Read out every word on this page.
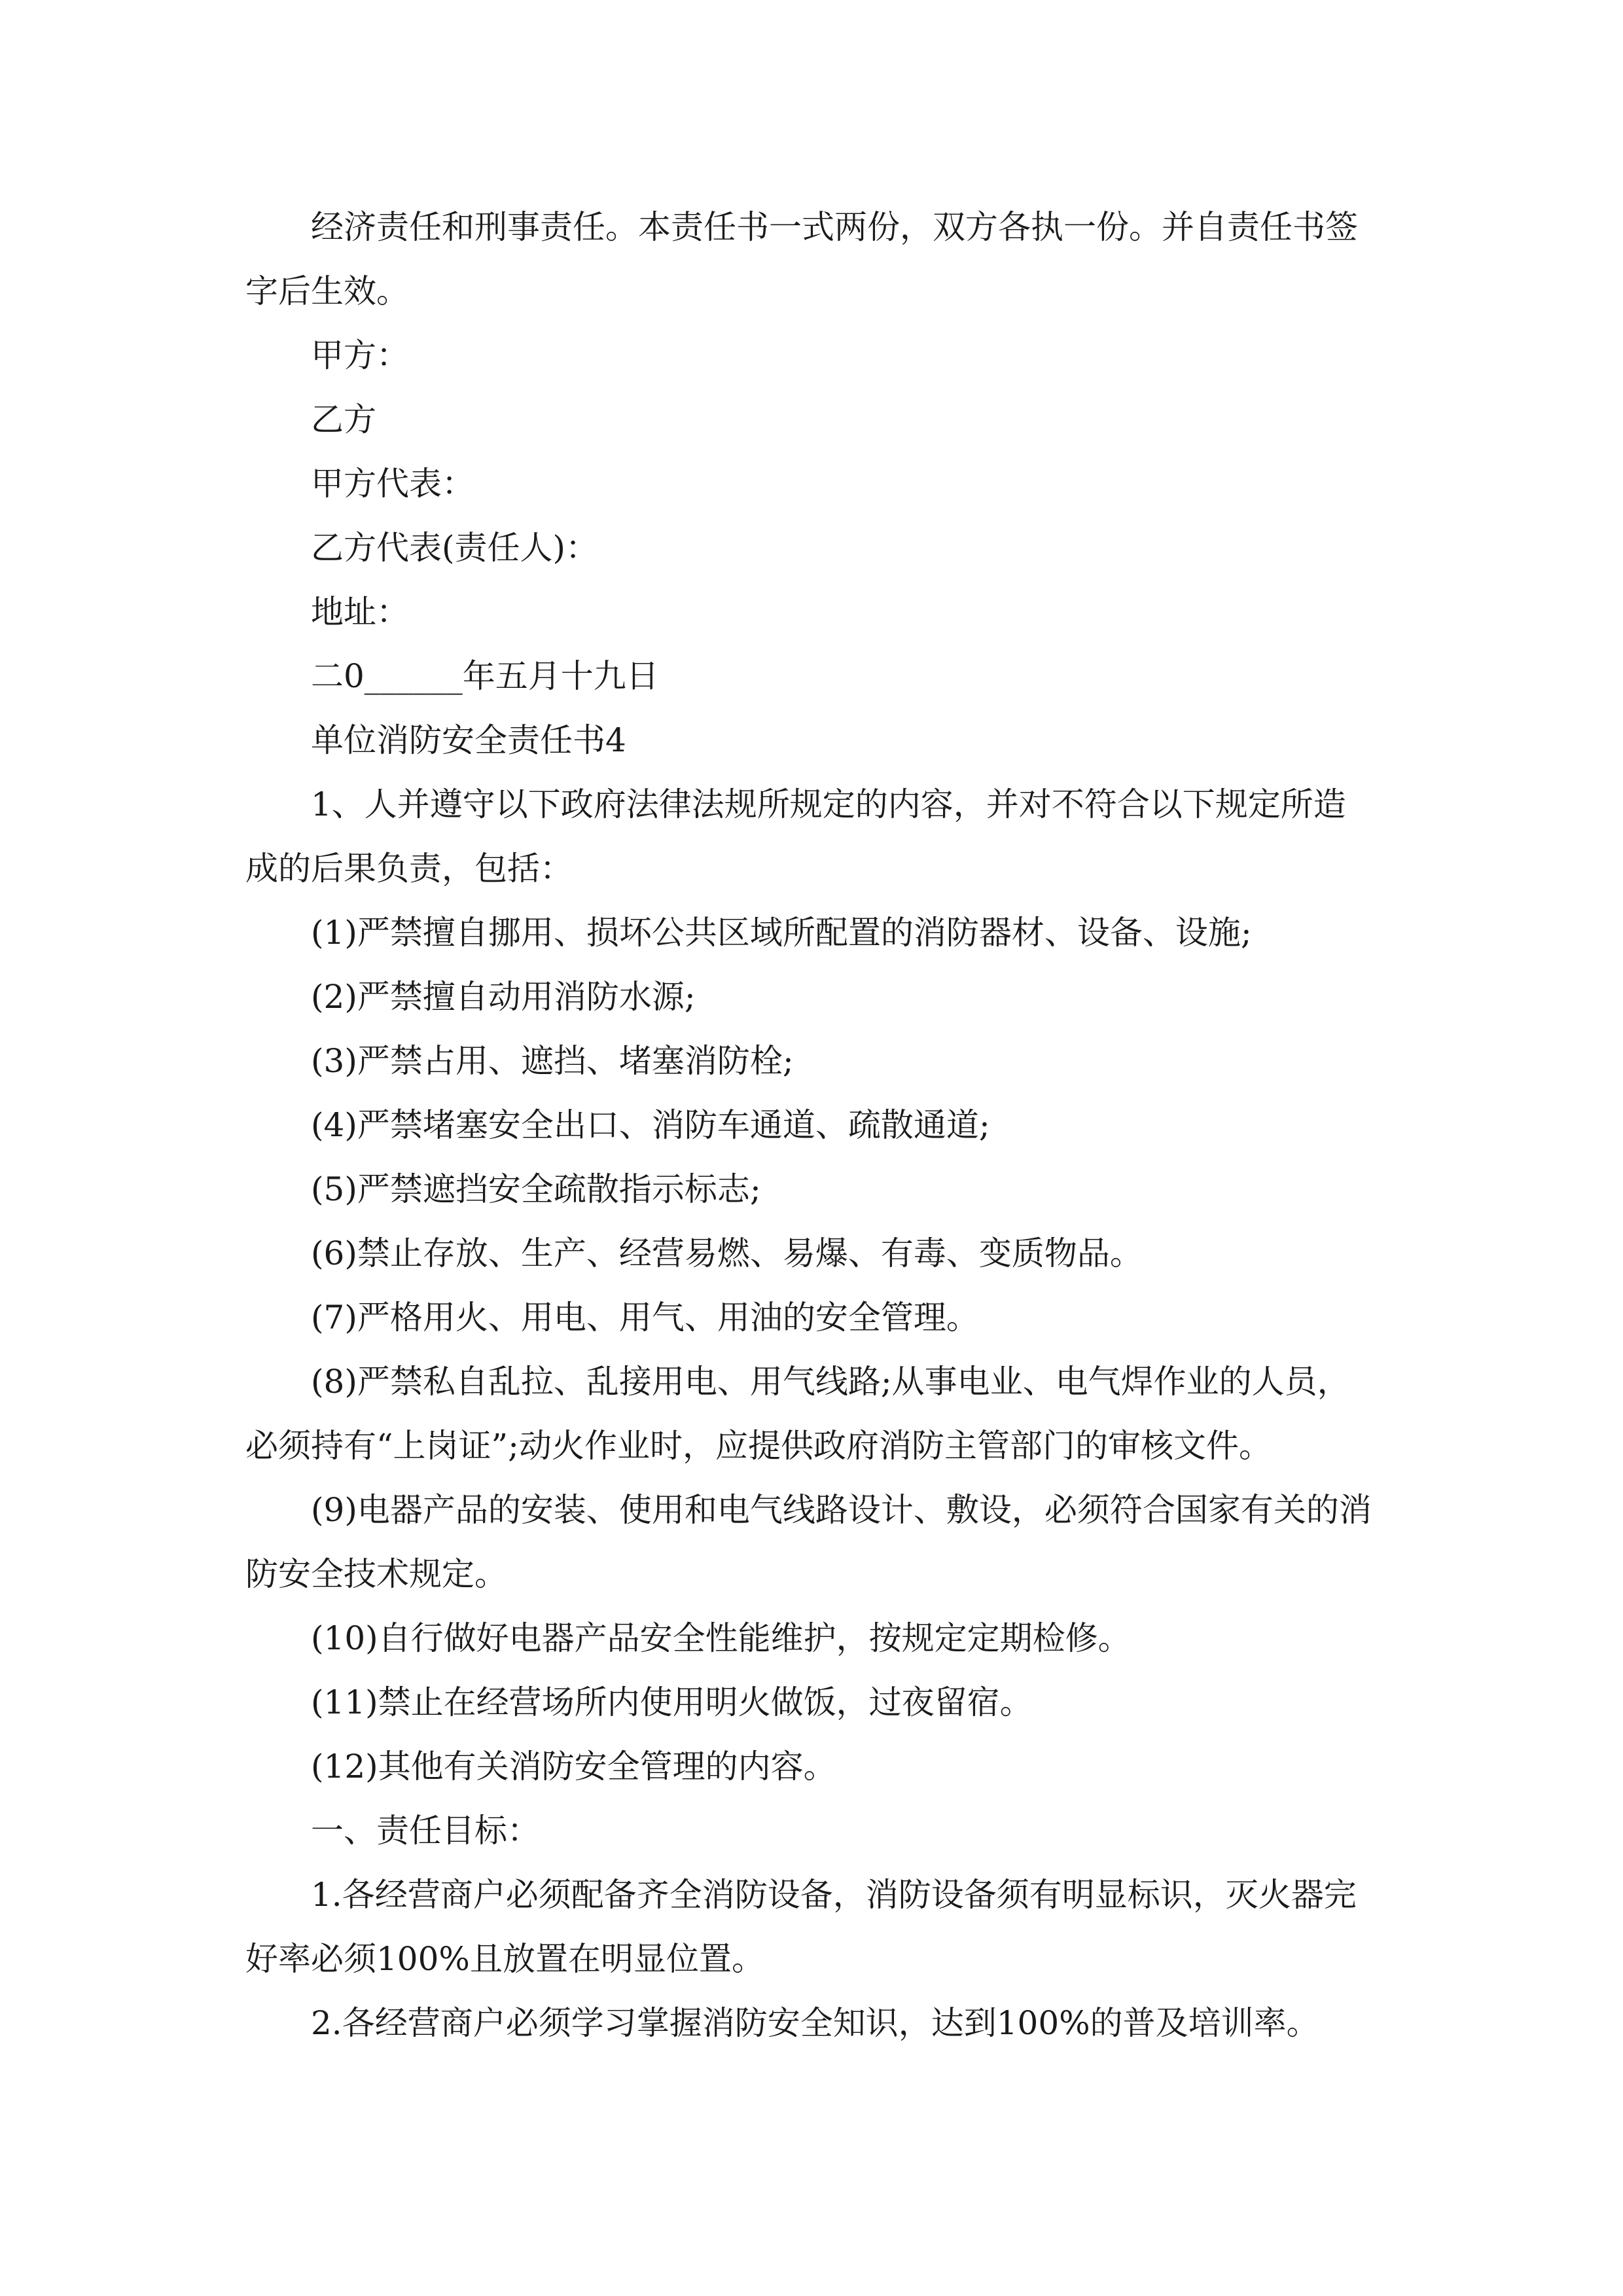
经济责任和刑事责任。本责任书一式两份，双方各执一份。并自责任书签字后生效。

甲方：

乙方

甲方代表：

乙方代表(责任人)：

地址：

二0______年五月十九日

单位消防安全责任书4

1、人并遵守以下政府法律法规所规定的内容，并对不符合以下规定所造成的后果负责，包括：

(1)严禁擅自挪用、损坏公共区域所配置的消防器材、设备、设施;

(2)严禁擅自动用消防水源;

(3)严禁占用、遮挡、堵塞消防栓;

(4)严禁堵塞安全出口、消防车通道、疏散通道;

(5)严禁遮挡安全疏散指示标志;

(6)禁止存放、生产、经营易燃、易爆、有毒、变质物品。

(7)严格用火、用电、用气、用油的安全管理。

(8)严禁私自乱拉、乱接用电、用气线路;从事电业、电气焊作业的人员，必须持有“上岗证”;动火作业时，应提供政府消防主管部门的审核文件。

(9)电器产品的安装、使用和电气线路设计、敷设，必须符合国家有关的消防安全技术规定。

(10)自行做好电器产品安全性能维护，按规定定期检修。

(11)禁止在经营场所内使用明火做饭，过夜留宿。

(12)其他有关消防安全管理的内容。

一、责任目标：

1.各经营商户必须配备齐全消防设备，消防设备须有明显标识，灭火器完好率必须100%且放置在明显位置。

2.各经营商户必须学习掌握消防安全知识，达到100%的普及培训率。
